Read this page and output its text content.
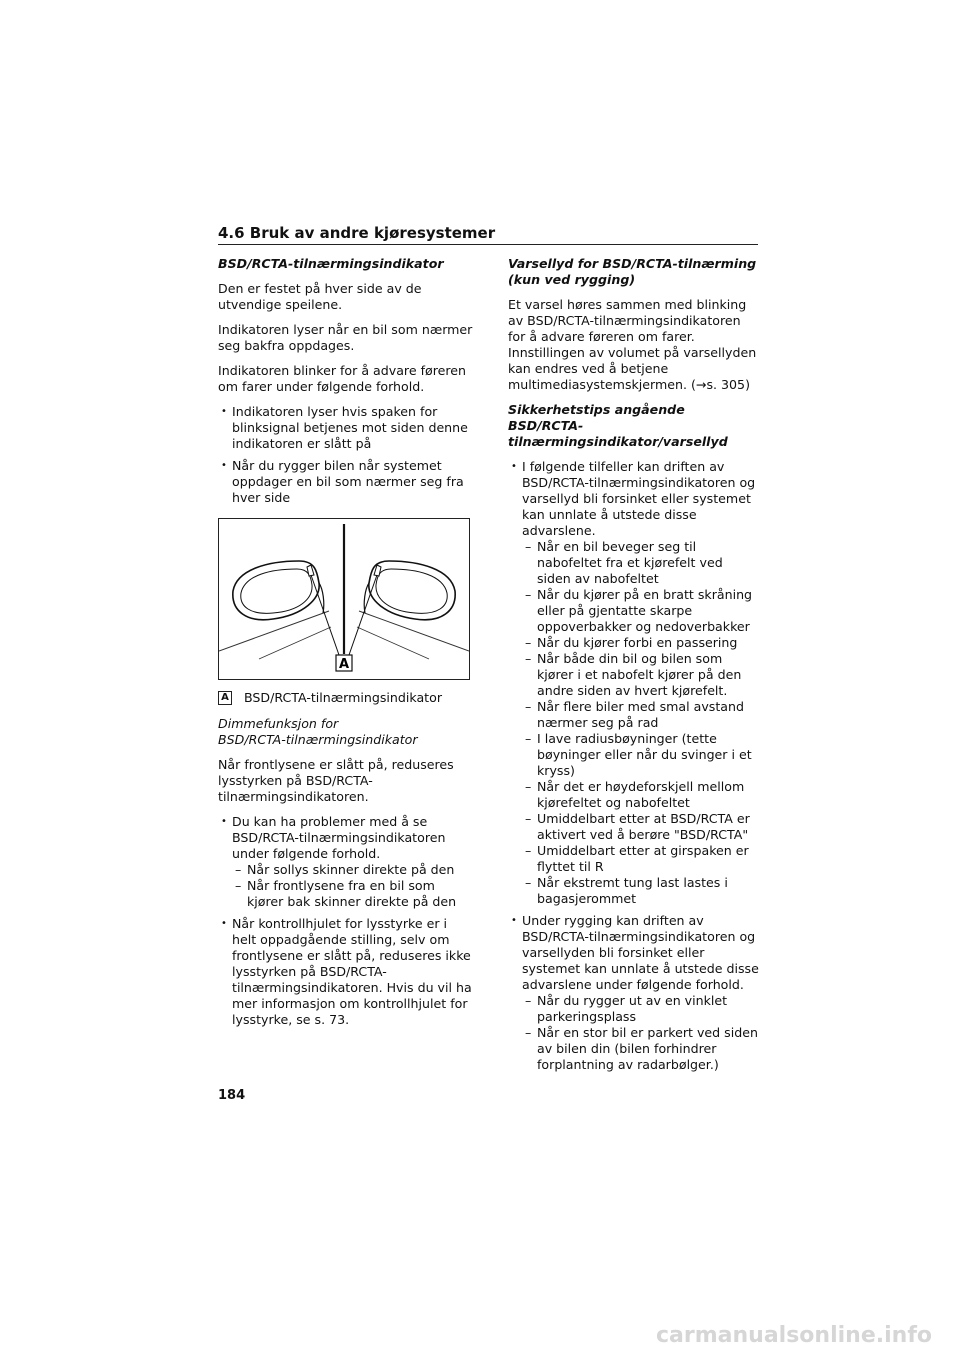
4.6 Bruk av andre kjøresystemer
BSD/RCTA-tilnærmingsindikator
Den er festet på hver side av de utvendige speilene.
Indikatoren lyser når en bil som nærmer seg bakfra oppdages.
Indikatoren blinker for å advare føreren om farer under følgende forhold.
• Indikatoren lyser hvis spaken for blinksignal betjenes mot siden denne indikatoren er slått på
• Når du rygger bilen når systemet oppdager en bil som nærmer seg fra hver side
A
A BSD/RCTA-tilnærmingsindikator
Dimmefunksjon for
BSD/RCTA-tilnærmingsindikator
Når frontlysene er slått på, reduseres lysstyrken på BSD/RCTA-tilnærmingsindikatoren.
• Du kan ha problemer med å se BSD/RCTA-tilnærmingsindikatoren under følgende forhold.
– Når sollys skinner direkte på den
– Når frontlysene fra en bil som kjører bak skinner direkte på den
• Når kontrollhjulet for lysstyrke er i helt oppadgående stilling, selv om frontlysene er slått på, reduseres ikke lysstyrken på BSD/RCTA-tilnærmingsindikatoren. Hvis du vil ha mer informasjon om kontrollhjulet for lysstyrke, se s. 73.
Varsellyd for BSD/RCTA-tilnærming (kun ved rygging)
Et varsel høres sammen med blinking av BSD/RCTA-tilnærmingsindikatoren for å advare føreren om farer. Innstillingen av volumet på varsellyden kan endres ved å betjene multimediasystemskjermen. (→s. 305)
Sikkerhetstips angående BSD/RCTA-tilnærmingsindikator/varsellyd
• I følgende tilfeller kan driften av BSD/RCTA-tilnærmingsindikatoren og varsellyd bli forsinket eller systemet kan unnlate å utstede disse advarslene.
– Når en bil beveger seg til nabofeltet fra et kjørefelt ved siden av nabofeltet
– Når du kjører på en bratt skråning eller på gjentatte skarpe oppoverbakker og nedoverbakker
– Når du kjører forbi en passering
– Når både din bil og bilen som kjører i et nabofelt kjører på den andre siden av hvert kjørefelt.
– Når flere biler med smal avstand nærmer seg på rad
– I lave radiusbøyninger (tette bøyninger eller når du svinger i et kryss)
– Når det er høydeforskjell mellom kjørefeltet og nabofeltet
– Umiddelbart etter at BSD/RCTA er aktivert ved å berøre "BSD/RCTA"
– Umiddelbart etter at girspaken er flyttet til R
– Når ekstremt tung last lastes i bagasjerommet
• Under rygging kan driften av BSD/RCTA-tilnærmingsindikatoren og varsellyden bli forsinket eller systemet kan unnlate å utstede disse advarslene under følgende forhold.
– Når du rygger ut av en vinklet parkeringsplass
– Når en stor bil er parkert ved siden av bilen din (bilen forhindrer forplantning av radarbølger.)
184
carmanualsonline.info
